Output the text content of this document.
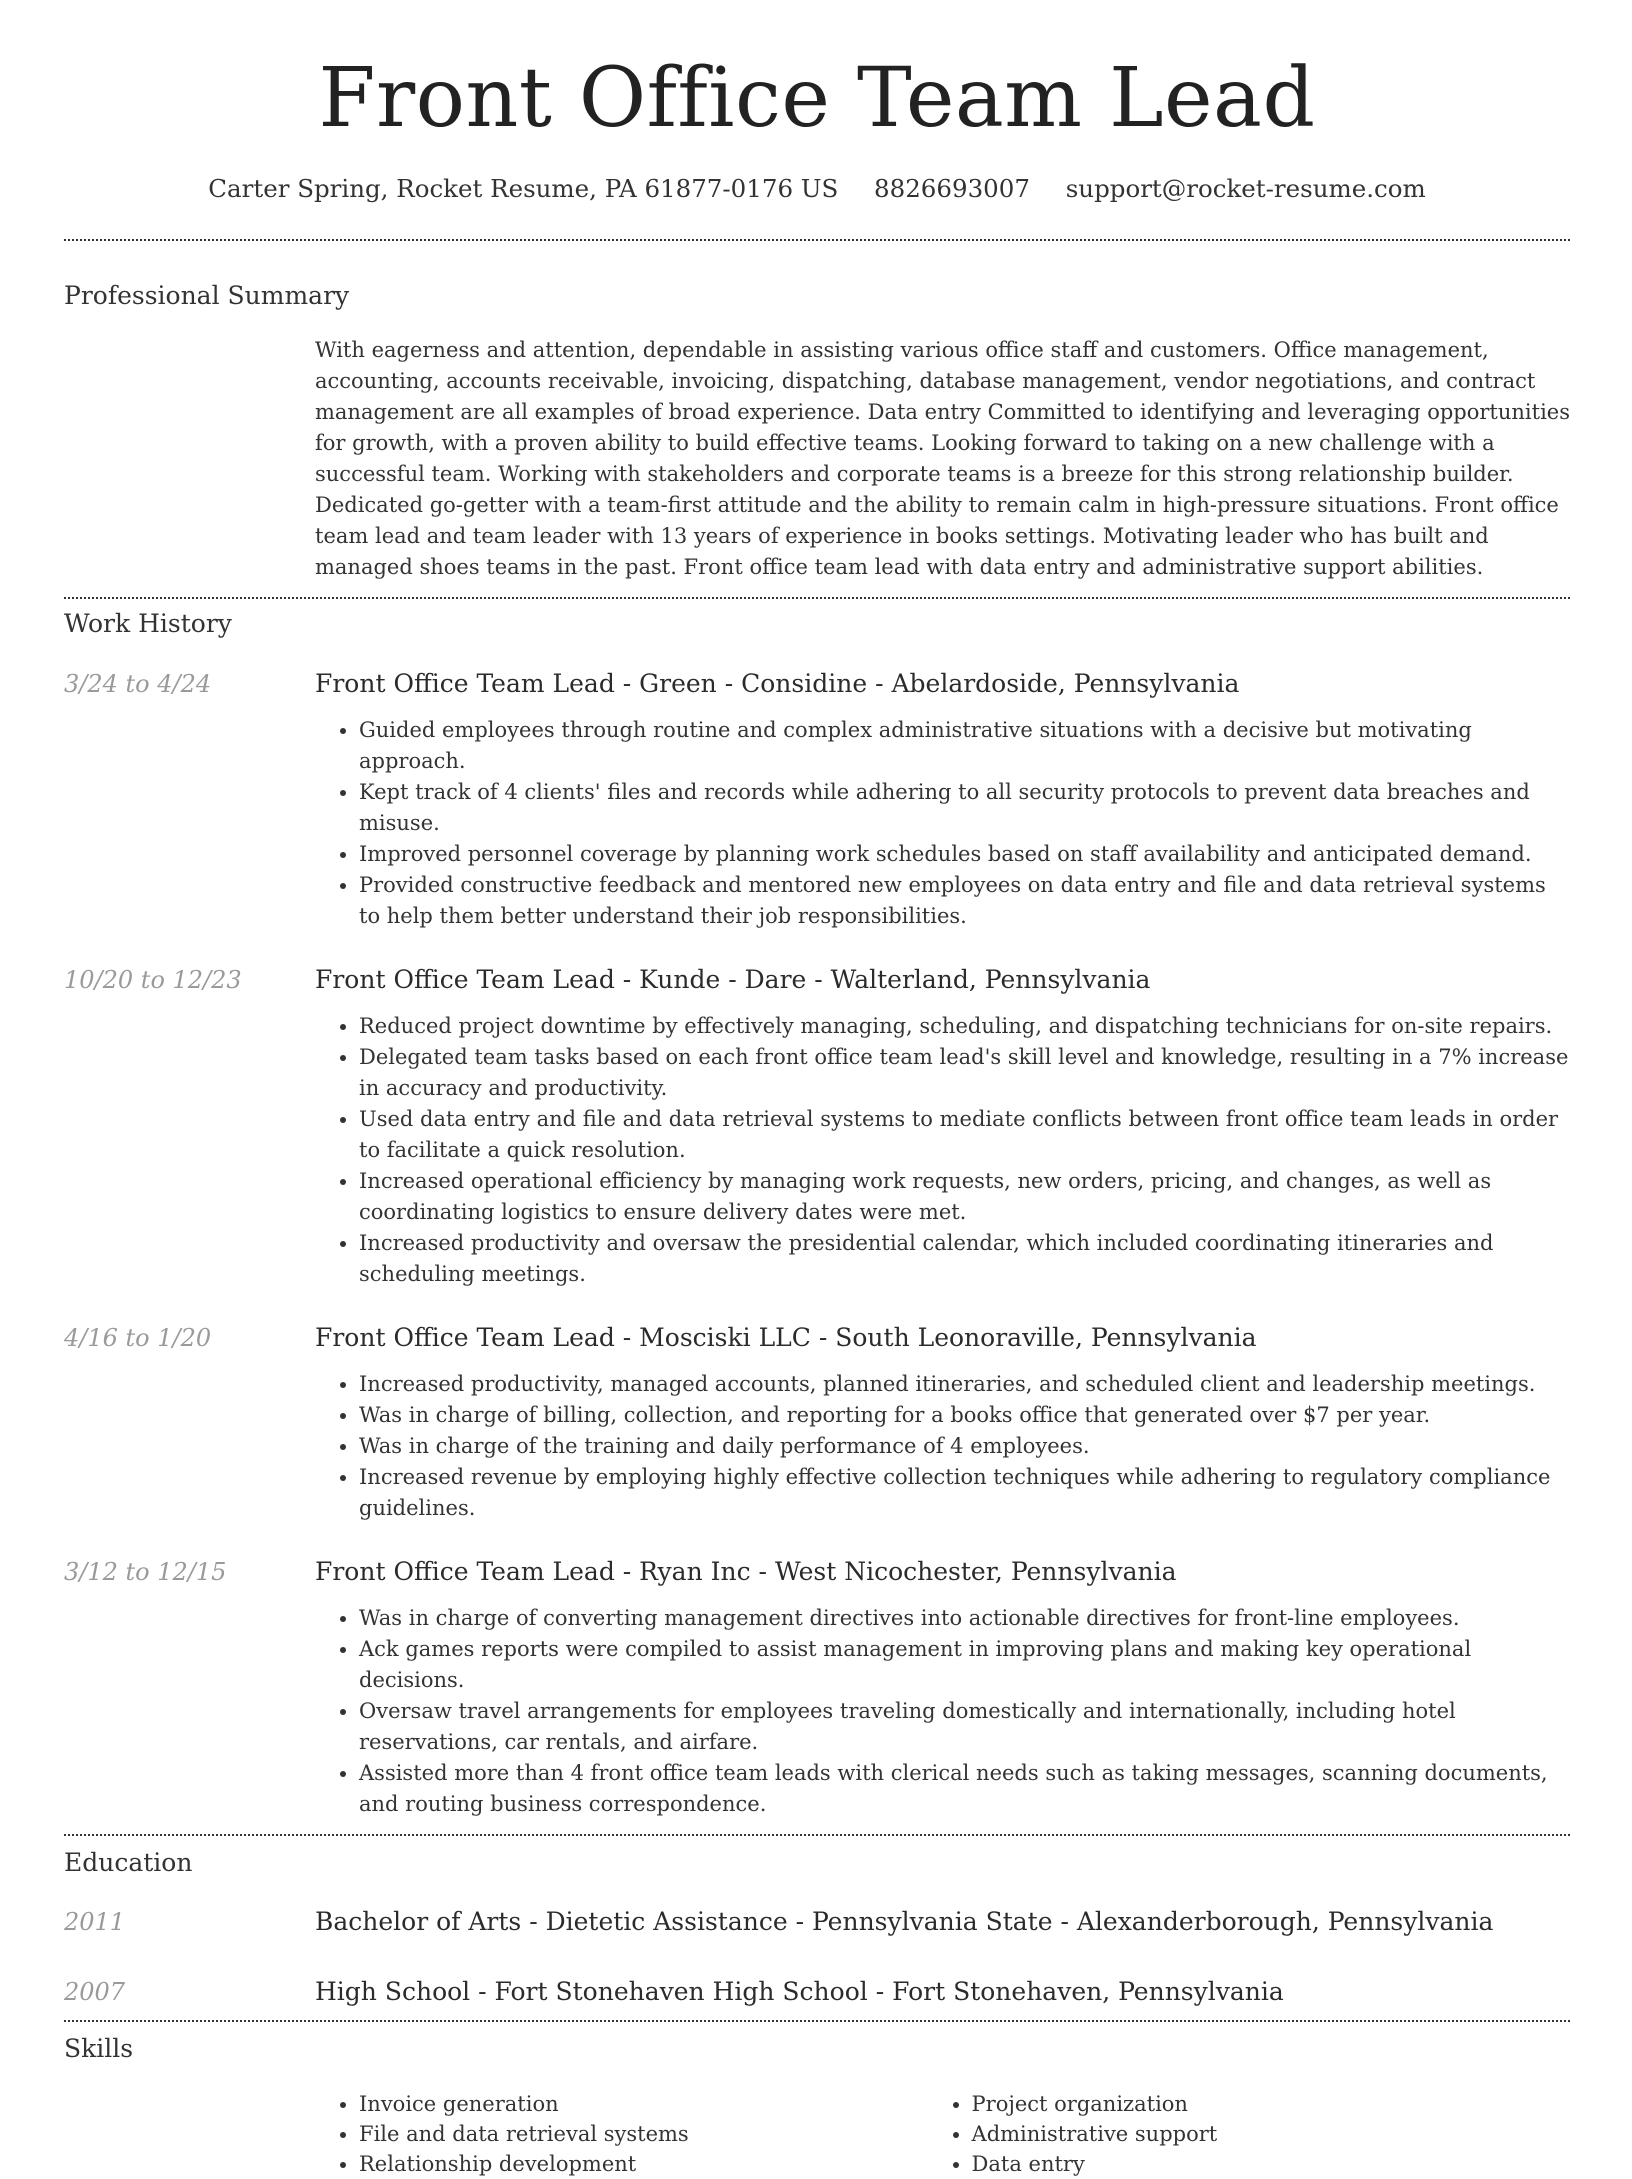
Front Office Team Lead
Carter Spring, Rocket Resume, PA 61877-0176 US 8826693007 support@rocket-resume.com
Professional Summary
With eagerness and attention, dependable in assisting various office staff and customers. Office management, accounting, accounts receivable, invoicing, dispatching, database management, vendor negotiations, and contract management are all examples of broad experience. Data entry Committed to identifying and leveraging opportunities for growth, with a proven ability to build effective teams. Looking forward to taking on a new challenge with a successful team. Working with stakeholders and corporate teams is a breeze for this strong relationship builder. Dedicated go-getter with a team-first attitude and the ability to remain calm in high-pressure situations. Front office team lead and team leader with 13 years of experience in books settings. Motivating leader who has built and managed shoes teams in the past. Front office team lead with data entry and administrative support abilities.
Work History
3/24 to 4/24	Front Office Team Lead - Green - Considine - Abelardoside, Pennsylvania
• Guided employees through routine and complex administrative situations with a decisive but motivating approach.
• Kept track of 4 clients' files and records while adhering to all security protocols to prevent data breaches and misuse.
• Improved personnel coverage by planning work schedules based on staff availability and anticipated demand.
• Provided constructive feedback and mentored new employees on data entry and file and data retrieval systems to help them better understand their job responsibilities.
10/20 to 12/23	Front Office Team Lead - Kunde - Dare - Walterland, Pennsylvania
• Reduced project downtime by effectively managing, scheduling, and dispatching technicians for on-site repairs.
• Delegated team tasks based on each front office team lead's skill level and knowledge, resulting in a 7% increase in accuracy and productivity.
• Used data entry and file and data retrieval systems to mediate conflicts between front office team leads in order to facilitate a quick resolution.
• Increased operational efficiency by managing work requests, new orders, pricing, and changes, as well as coordinating logistics to ensure delivery dates were met.
• Increased productivity and oversaw the presidential calendar, which included coordinating itineraries and scheduling meetings.
4/16 to 1/20	Front Office Team Lead - Mosciski LLC - South Leonoraville, Pennsylvania
• Increased productivity, managed accounts, planned itineraries, and scheduled client and leadership meetings.
• Was in charge of billing, collection, and reporting for a books office that generated over $7 per year.
• Was in charge of the training and daily performance of 4 employees.
• Increased revenue by employing highly effective collection techniques while adhering to regulatory compliance guidelines.
3/12 to 12/15	Front Office Team Lead - Ryan Inc - West Nicochester, Pennsylvania
• Was in charge of converting management directives into actionable directives for front-line employees.
• Ack games reports were compiled to assist management in improving plans and making key operational decisions.
• Oversaw travel arrangements for employees traveling domestically and internationally, including hotel reservations, car rentals, and airfare.
• Assisted more than 4 front office team leads with clerical needs such as taking messages, scanning documents, and routing business correspondence.
Education
2011	Bachelor of Arts - Dietetic Assistance - Pennsylvania State - Alexanderborough, Pennsylvania
2007	High School - Fort Stonehaven High School - Fort Stonehaven, Pennsylvania
Skills
• Invoice generation
• File and data retrieval systems
• Relationship development
• Project organization
• Administrative support
• Data entry
